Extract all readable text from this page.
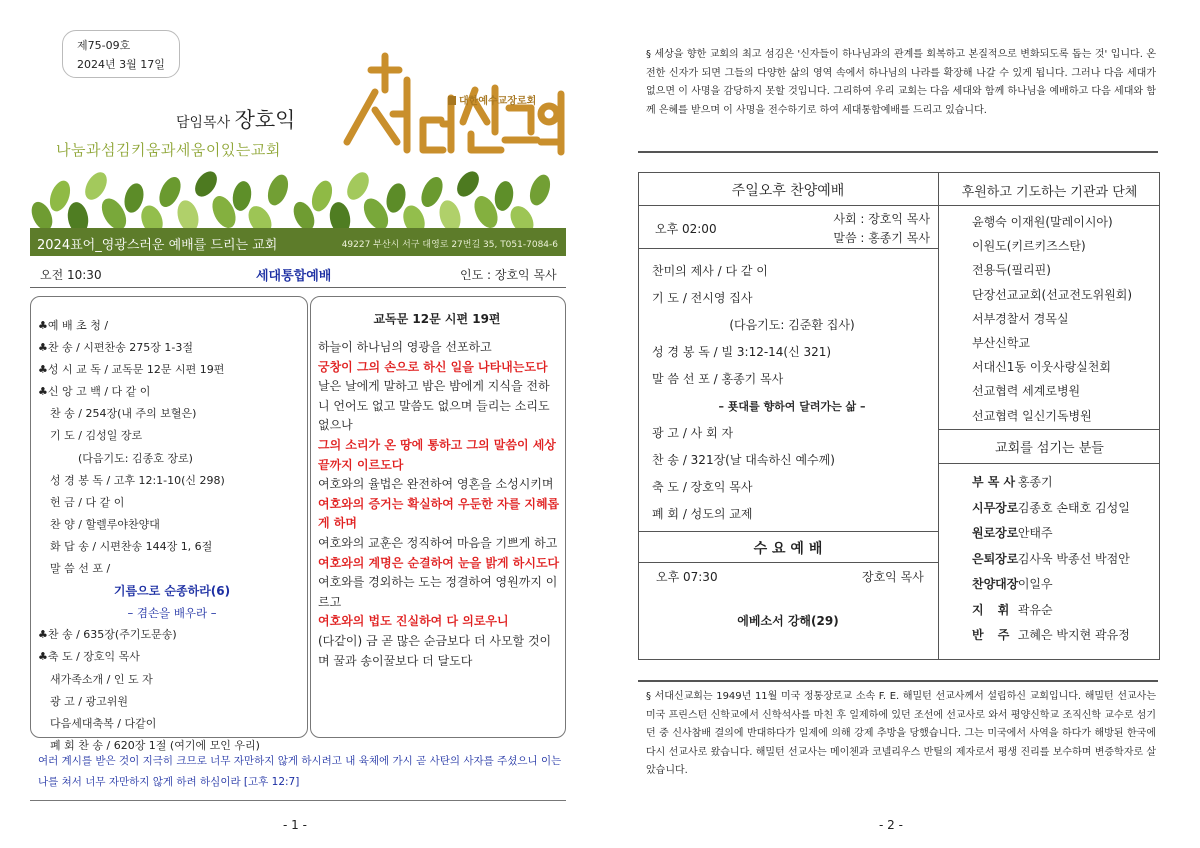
제75-09호
2024년 3월 17일
담임목사 장호익
나눔과섬김키움과세움이있는교회
대한예수교장로회
2024표어_영광스러운 예배를 드리는 교회	49227 부산시 서구 대영로 27번길 35, T051-7084-6
오전 10:30	세대통합예배	인도 : 장호익 목사
♣예 배 초 청 /
♣찬 송 / 시편찬송 275장 1-3절
♣성 시 교 독 / 교독문 12문 시편 19편
♣신 앙 고 백 / 다 같 이
찬 송 / 254장(내 주의 보혈은)
기 도 / 김성일 장로
(다음기도: 김종호 장로)
성 경 봉 독 / 고후 12:1-10(신 298)
헌 금 / 다 같 이
찬 양 / 할렐루야찬양대
화 답 송 / 시편찬송 144장 1, 6절
말 씀 선 포 /
기름으로 순종하라(6)
– 겸손을 배우라 –
♣찬 송 / 635장(주기도문송)
♣축 도 / 장호익 목사
새가족소개 / 인 도 자
광 고 / 광고위원
다음세대축복 / 다같이
폐 회 찬 송 / 620장 1절 (여기에 모인 우리)
교독문 12문 시편 19편
하늘이 하나님의 영광을 선포하고
궁창이 그의 손으로 하신 일을 나타내는도다
날은 날에게 말하고 밤은 밤에게 지식을 전하니 언어도 없고 말씀도 없으며 들리는 소리도 없으나
그의 소리가 온 땅에 통하고 그의 말씀이 세상 끝까지 이르도다
여호와의 율법은 완전하여 영혼을 소성시키며
여호와의 증거는 확실하여 우둔한 자를 지혜롭게 하며
여호와의 교훈은 정직하여 마음을 기쁘게 하고
여호와의 계명은 순결하여 눈을 밝게 하시도다
여호와를 경외하는 도는 정결하여 영원까지 이르고
여호와의 법도 진실하여 다 의로우니
(다같이) 금 곧 많은 순금보다 더 사모할 것이며 꿀과 송이꿀보다 더 달도다
여러 계시를 받은 것이 지극히 크므로 너무 자만하지 않게 하시려고 내 육체에 가시 곧 사탄의 사자를 주셨으니 이는 나를 쳐서 너무 자만하지 않게 하려 하심이라 [고후 12:7]
- 1 -
§ 세상을 향한 교회의 최고 섬김은 '신자들이 하나님과의 관계를 회복하고 본질적으로 변화되도록 돕는 것' 입니다. 온전한 신자가 되면 그들의 다양한 삶의 영역 속에서 하나님의 나라를 확장해 나갈 수 있게 됩니다. 그러나 다음 세대가 없으면 이 사명을 감당하지 못할 것입니다. 그리하여 우리 교회는 다음 세대와 함께 하나님을 예배하고 다음 세대와 함께 은혜를 받으며 이 사명을 전수하기로 하여 세대통합예배를 드리고 있습니다.
주일오후 찬양예배
오후 02:00
사회 : 장호익 목사
말씀 : 홍종기 목사
찬미의 제사 / 다 같 이
기 도 / 전시영 집사
(다음기도: 김준환 집사)
성 경 봉 독 / 빌 3:12-14(신 321)
말 씀 선 포 / 홍종기 목사
– 푯대를 향하여 달려가는 삶 –
광 고 / 사 회 자
찬 송 / 321장(날 대속하신 예수께)
축 도 / 장호익 목사
폐 회 / 성도의 교제
수 요 예 배
오후 07:30	장호익 목사
에베소서 강해(29)
후원하고 기도하는 기관과 단체
윤행숙 이재원(말레이시아)
이원도(키르키즈스탄)
전용득(필리핀)
단장선교교회(선교전도위원회)
서부경찰서 경목실
부산신학교
서대신1동 이웃사랑실천회
선교협력 세계로병원
선교협력 일신기독병원
교회를 섬기는 분들
부 목 사 홍종기
시무장로 김종호 손태호 김성일
원로장로 안태주
은퇴장로 김사욱 박종선 박점안
찬양대장 이일우
지 휘 곽유순
반 주 고혜은 박지현 곽유정
§ 서대신교회는 1949년 11월 미국 정통장로교 소속 F. E. 해밀턴 선교사께서 설립하신 교회입니다. 해밀턴 선교사는 미국 프린스턴 신학교에서 신학석사를 마친 후 일제하에 있던 조선에 선교사로 와서 평양신학교 조직신학 교수로 섬기던 중 신사참배 결의에 반대하다가 일제에 의해 강제 추방을 당했습니다. 그는 미국에서 사역을 하다가 해방된 한국에 다시 선교사로 왔습니다. 해밀턴 선교사는 메이첸과 코넬리우스 반틸의 제자로서 평생 진리를 보수하며 변증학자로 살았습니다.
- 2 -
